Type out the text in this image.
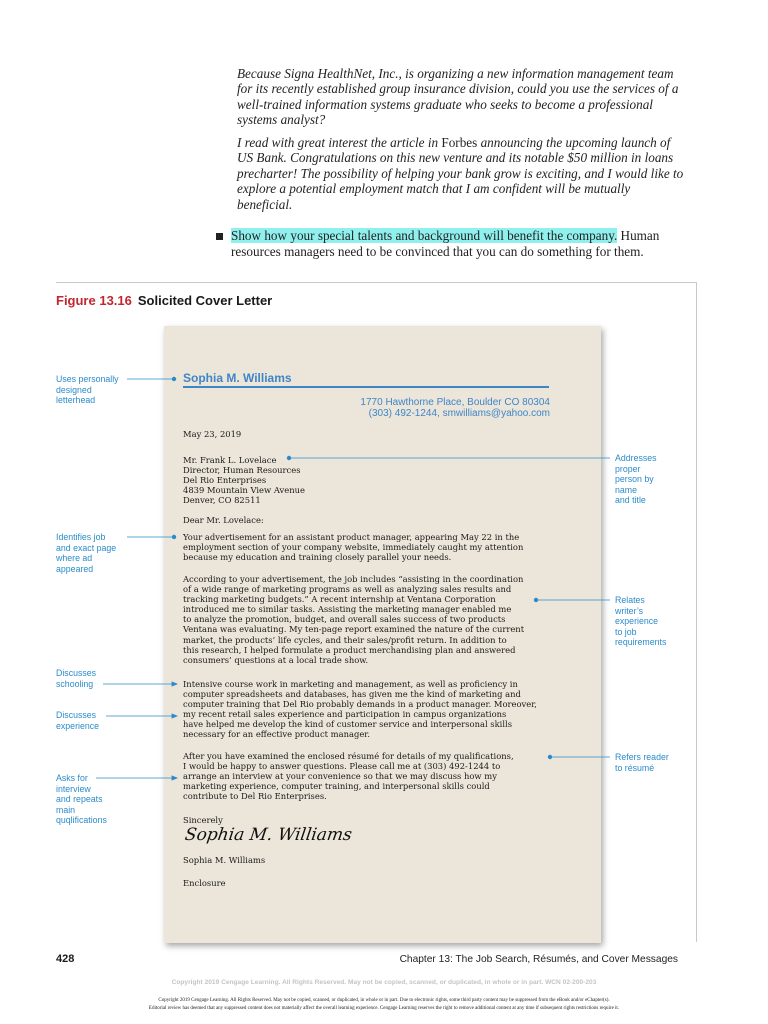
Because Signa HealthNet, Inc., is organizing a new information management team for its recently established group insurance division, could you use the services of a well-trained information systems graduate who seeks to become a professional systems analyst?
I read with great interest the article in Forbes announcing the upcoming launch of US Bank. Congratulations on this new venture and its notable $50 million in loans precharter! The possibility of helping your bank grow is exciting, and I would like to explore a potential employment match that I am confident will be mutually beneficial.
Show how your special talents and background will benefit the company. Human resources managers need to be convinced that you can do something for them.
Figure 13.16 Solicited Cover Letter
Sophia M. Williams
1770 Hawthorne Place, Boulder CO 80304
(303) 492-1244, smwilliams@yahoo.com
May 23, 2019
Mr. Frank L. Lovelace
Director, Human Resources
Del Rio Enterprises
4839 Mountain View Avenue
Denver, CO 82511
Dear Mr. Lovelace:
Your advertisement for an assistant product manager, appearing May 22 in the
employment section of your company website, immediately caught my attention
because my education and training closely parallel your needs.
According to your advertisement, the job includes “assisting in the coordination
of a wide range of marketing programs as well as analyzing sales results and
tracking marketing budgets.” A recent internship at Ventana Corporation
introduced me to similar tasks. Assisting the marketing manager enabled me
to analyze the promotion, budget, and overall sales success of two products
Ventana was evaluating. My ten-page report examined the nature of the current
market, the products’ life cycles, and their sales/profit return. In addition to
this research, I helped formulate a product merchandising plan and answered
consumers’ questions at a local trade show.
Intensive course work in marketing and management, as well as proficiency in
computer spreadsheets and databases, has given me the kind of marketing and
computer training that Del Rio probably demands in a product manager. Moreover,
my recent retail sales experience and participation in campus organizations
have helped me develop the kind of customer service and interpersonal skills
necessary for an effective product manager.
After you have examined the enclosed résumé for details of my qualifications,
I would be happy to answer questions. Please call me at (303) 492-1244 to
arrange an interview at your convenience so that we may discuss how my
marketing experience, computer training, and interpersonal skills could
contribute to Del Rio Enterprises.
Sincerely
Sophia M. Williams
Sophia M. Williams
Enclosure
Uses personally
designed
letterhead
Identifies job
and exact page
where ad
appeared
Discusses
schooling
Discusses
experience
Asks for
interview
and repeats
main
quqlifications
Addresses
proper
person by
name
and title
Relates
writer’s
experience
to job
requirements
Refers reader
to résumé
428	Chapter 13: The Job Search, Résumés, and Cover Messages
Copyright 2019 Cengage Learning. All Rights Reserved. May not be copied, scanned, or duplicated, in whole or in part. WCN 02-200-203
Copyright 2019 Cengage Learning. All Rights Reserved. May not be copied, scanned, or duplicated, in whole or in part. Due to electronic rights, some third party content may be suppressed from the eBook and/or eChapter(s).
Editorial review has deemed that any suppressed content does not materially affect the overall learning experience. Cengage Learning reserves the right to remove additional content at any time if subsequent rights restrictions require it.
